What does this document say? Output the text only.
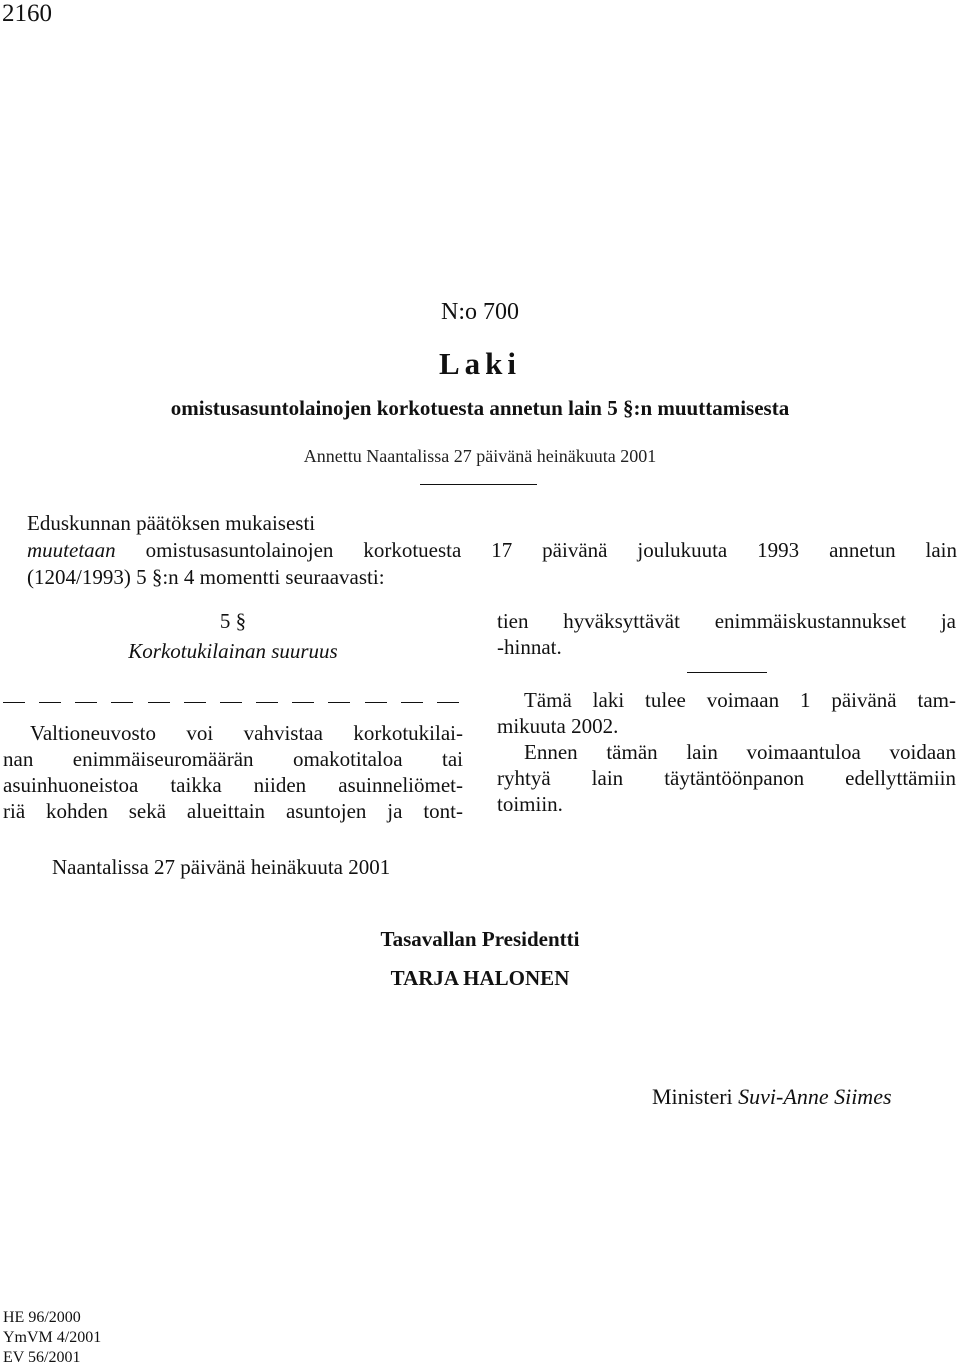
2160
N:o 700
Laki
omistusasuntolainojen korkotuesta annetun lain 5 §:n muuttamisesta
Annettu Naantalissa 27 päivänä heinäkuuta 2001
Eduskunnan päätöksen mukaisesti
muutetaan omistusasuntolainojen korkotuesta 17 päivänä joulukuuta 1993 annetun lain
(1204/1993) 5 §:n 4 momentti seuraavasti:
5 §
Korkotukilainan suuruus
Valtioneuvosto voi vahvistaa korkotukilai-
nan enimmäiseuromäärän omakotitaloa tai
asuinhuoneistoa taikka niiden asuinneliömet-
riä kohden sekä alueittain asuntojen ja tont-
tien hyväksyttävät enimmäiskustannukset ja
-hinnat.
Tämä laki tulee voimaan 1 päivänä tam-
mikuuta 2002.
Ennen tämän lain voimaantuloa voidaan
ryhtyä lain täytäntöönpanon edellyttämiin
toimiin.
Naantalissa 27 päivänä heinäkuuta 2001
Tasavallan Presidentti
TARJA HALONEN
Ministeri Suvi-Anne Siimes
HE 96/2000
YmVM 4/2001
EV 56/2001
